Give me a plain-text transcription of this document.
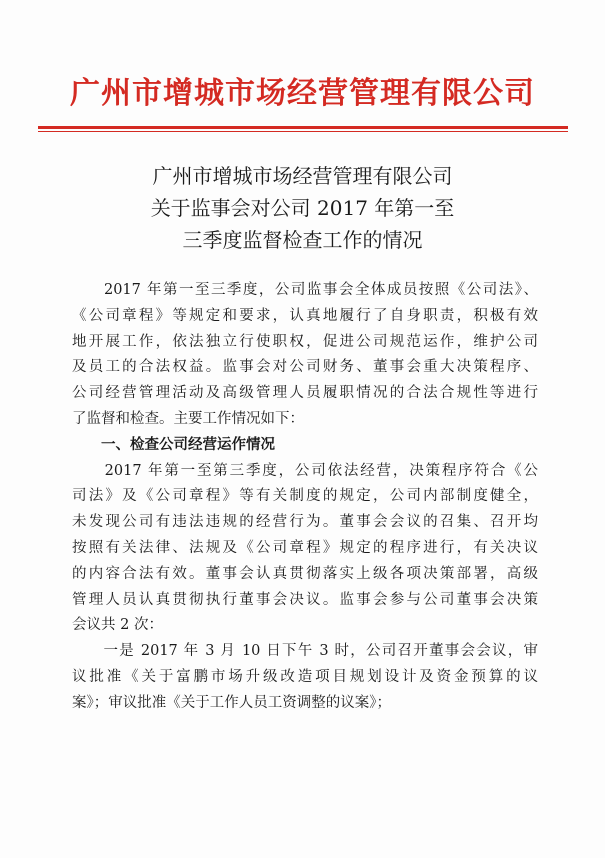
广州市增城市场经营管理有限公司
广州市增城市场经营管理有限公司
关于监事会对公司 2017 年第一至
三季度监督检查工作的情况
　　2017 年第一至三季度，公司监事会全体成员按照《公司法》、
《公司章程》等规定和要求，认真地履行了自身职责，积极有效
地开展工作，依法独立行使职权，促进公司规范运作，维护公司
及员工的合法权益。监事会对公司财务、董事会重大决策程序、
公司经营管理活动及高级管理人员履职情况的合法合规性等进行
了监督和检查。主要工作情况如下：
　　一、检查公司经营运作情况
　　2017 年第一至第三季度，公司依法经营，决策程序符合《公
司法》及《公司章程》等有关制度的规定，公司内部制度健全，
未发现公司有违法违规的经营行为。董事会会议的召集、召开均
按照有关法律、法规及《公司章程》规定的程序进行，有关决议
的内容合法有效。董事会认真贯彻落实上级各项决策部署，高级
管理人员认真贯彻执行董事会决议。监事会参与公司董事会决策
会议共 2 次：
　　一是 2017 年 3 月 10 日下午 3 时，公司召开董事会会议，审
议批准《关于富鹏市场升级改造项目规划设计及资金预算的议
案》；审议批准《关于工作人员工资调整的议案》；
